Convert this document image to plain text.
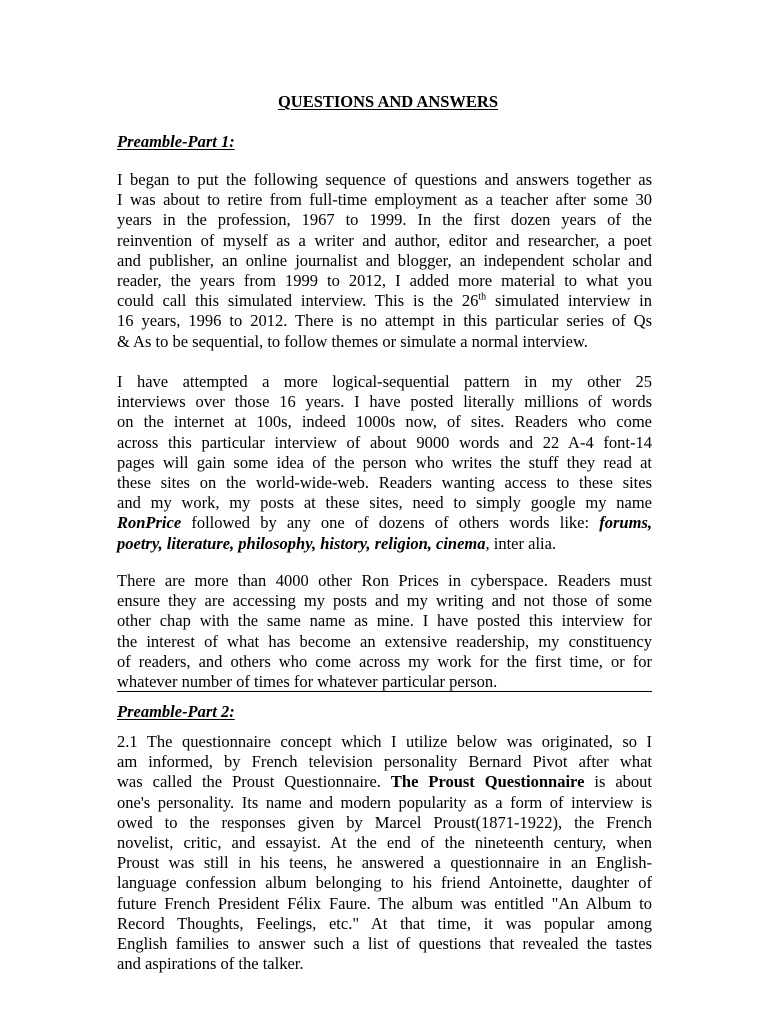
QUESTIONS AND ANSWERS
Preamble-Part 1:
I began to put the following sequence of questions and answers together as
I was about to retire from full-time employment as a teacher after some 30
years in the profession, 1967 to 1999. In the first dozen years of the
reinvention of myself as a writer and author, editor and researcher, a poet
and publisher, an online journalist and blogger, an independent scholar and
reader, the years from 1999 to 2012, I added more material to what you
could call this simulated interview. This is the 26th simulated interview in
16 years, 1996 to 2012. There is no attempt in this particular series of Qs
& As to be sequential, to follow themes or simulate a normal interview.
I have attempted a more logical-sequential pattern in my other 25
interviews over those 16 years. I have posted literally millions of words
on the internet at 100s, indeed 1000s now, of sites. Readers who come
across this particular interview of about 9000 words and 22 A-4 font-14
pages will gain some idea of the person who writes the stuff they read at
these sites on the world-wide-web. Readers wanting access to these sites
and my work, my posts at these sites, need to simply google my name
RonPrice followed by any one of dozens of others words like: forums,
poetry, literature, philosophy, history, religion, cinema, inter alia.
There are more than 4000 other Ron Prices in cyberspace. Readers must
ensure they are accessing my posts and my writing and not those of some
other chap with the same name as mine. I have posted this interview for
the interest of what has become an extensive readership, my constituency
of readers, and others who come across my work for the first time, or for
whatever number of times for whatever particular person.
Preamble-Part 2:
2.1 The questionnaire concept which I utilize below was originated, so I
am informed, by French television personality Bernard Pivot after what
was called the Proust Questionnaire. The Proust Questionnaire is about
one's personality. Its name and modern popularity as a form of interview is
owed to the responses given by Marcel Proust(1871-1922), the French
novelist, critic, and essayist. At the end of the nineteenth century, when
Proust was still in his teens, he answered a questionnaire in an English-
language confession album belonging to his friend Antoinette, daughter of
future French President Félix Faure. The album was entitled "An Album to
Record Thoughts, Feelings, etc." At that time, it was popular among
English families to answer such a list of questions that revealed the tastes
and aspirations of the talker.
